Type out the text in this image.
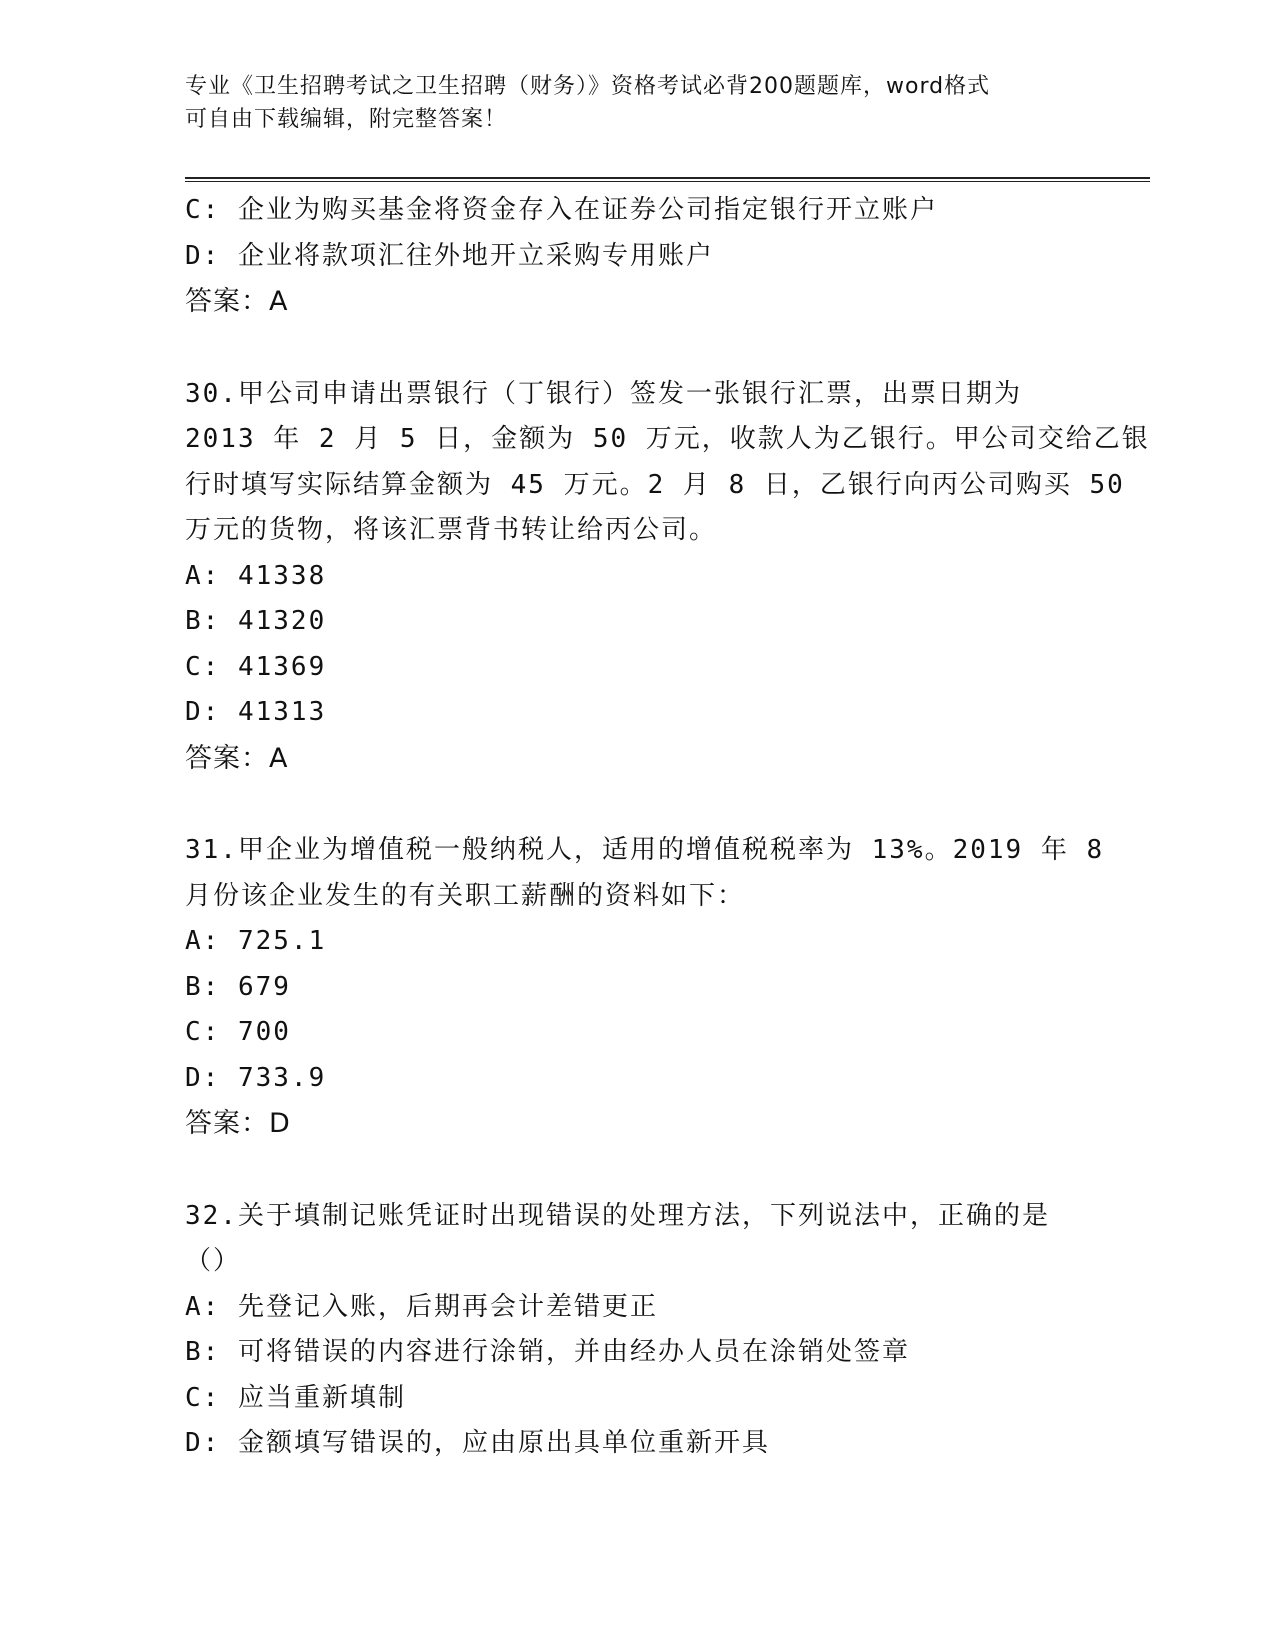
专业《卫生招聘考试之卫生招聘（财务）》资格考试必背200题题库，word格式
可自由下载编辑，附完整答案！
C: 企业为购买基金将资金存入在证券公司指定银行开立账户
D: 企业将款项汇往外地开立采购专用账户
答案：A
30.甲公司申请出票银行（丁银行）签发一张银行汇票，出票日期为
2013 年 2 月 5 日，金额为 50 万元，收款人为乙银行。甲公司交给乙银
行时填写实际结算金额为 45 万元。2 月 8 日，乙银行向丙公司购买 50
万元的货物，将该汇票背书转让给丙公司。
A: 41338
B: 41320
C: 41369
D: 41313
答案：A
31.甲企业为增值税一般纳税人，适用的增值税税率为 13%。2019 年 8
月份该企业发生的有关职工薪酬的资料如下：
A: 725.1
B: 679
C: 700
D: 733.9
答案：D
32.关于填制记账凭证时出现错误的处理方法，下列说法中，正确的是
（）
A: 先登记入账，后期再会计差错更正
B: 可将错误的内容进行涂销，并由经办人员在涂销处签章
C: 应当重新填制
D: 金额填写错误的，应由原出具单位重新开具
